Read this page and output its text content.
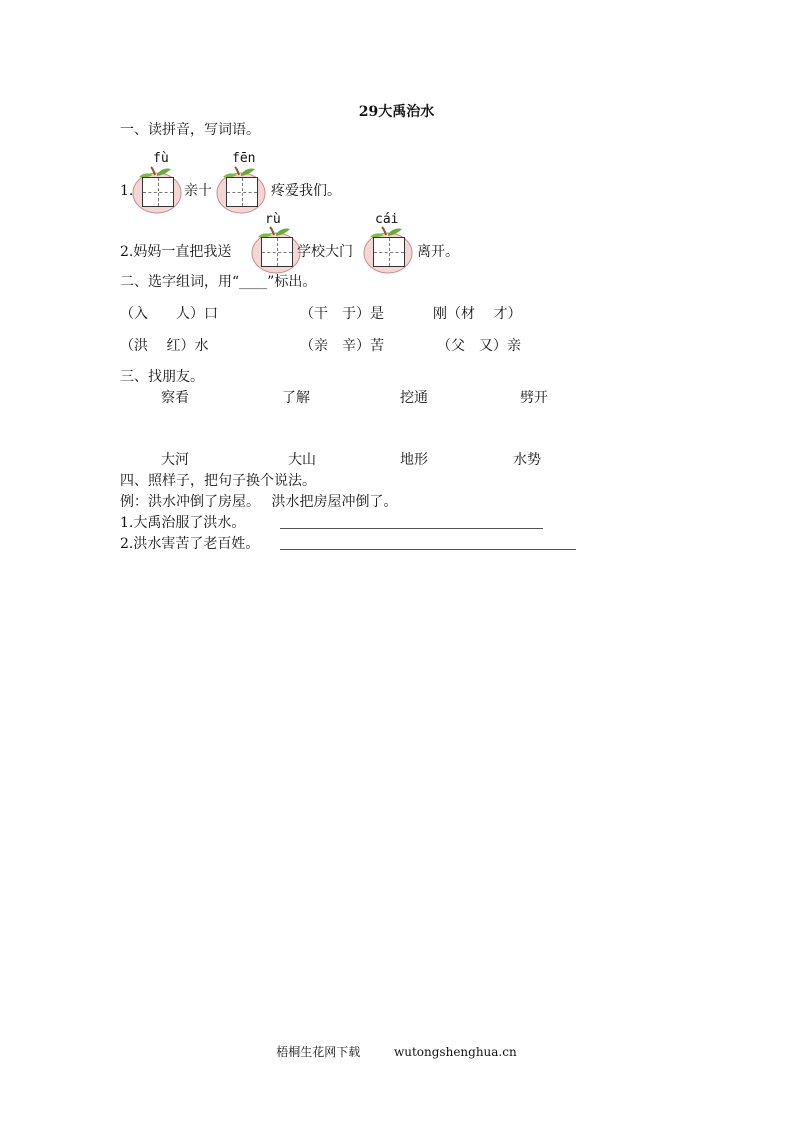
29大禹治水
一、读拼音，写词语。
fù	fēn
1.	亲十	疼爱我们。
rù	cái
2.妈妈一直把我送	学校大门	离开。
二、选字组词，用“____”标出。
（入　　人）口	（干　于）是	刚（材　 才）
（洪　 红）水	（亲　辛）苦	（父　又）亲
三、找朋友。
察看	了解	挖通	劈开
大河	大山	地形	水势
四、照样子，把句子换个说法。
例：洪水冲倒了房屋。　 洪水把房屋冲倒了。
1.大禹治服了洪水。
2.洪水害苦了老百姓。
梧桐生花网下载	wutongshenghua.cn
